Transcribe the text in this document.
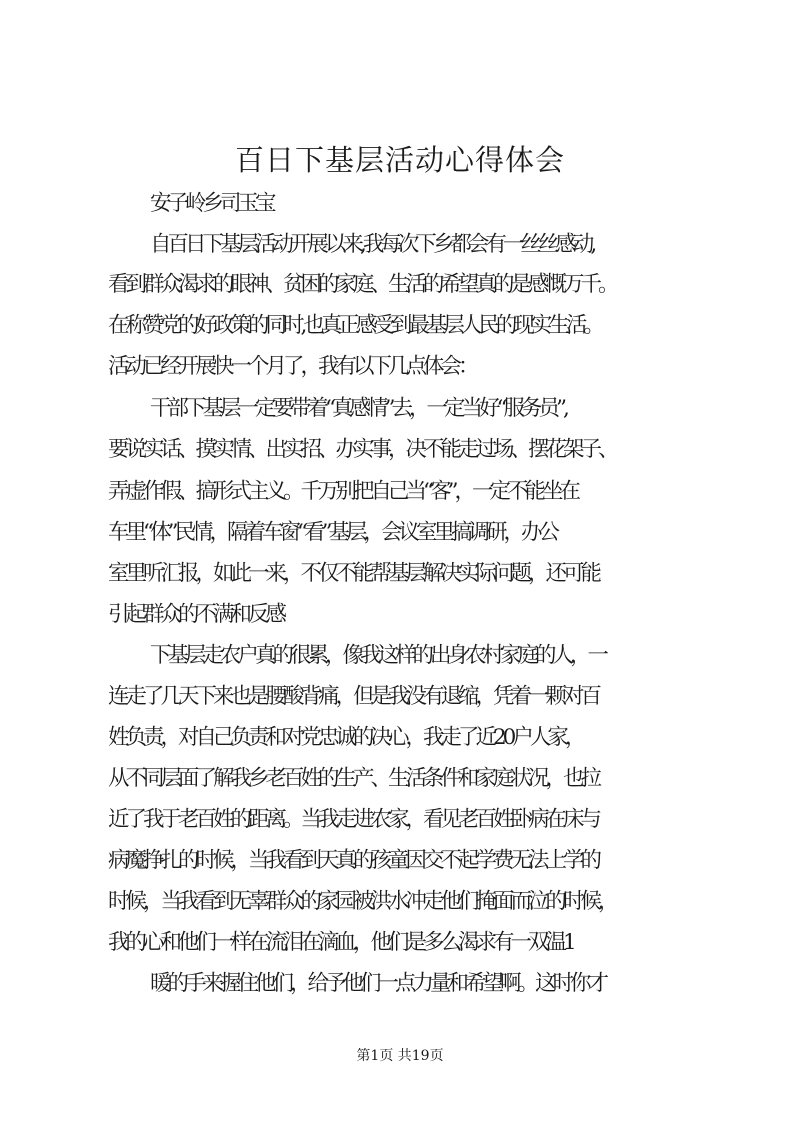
百日下基层活动心得体会
安子岭乡司玉宝
自百日下基层活动开展以来,我每次下乡都会有一丝丝感动,
看到群众渴求的眼神、贫困的家庭、生活的希望真的是感慨万千。
在称赞党的好政策的同时,也真正感受到最基层人民的现实生活。
活动已经开展快一个月了，我有以下几点体会：
干部下基层一定要带着“真感情”去，一定当好“服务员”,
要说实话、摸实情、出实招、办实事，决不能走过场、摆花架子、
弄虚作假、搞形式主义。千万别把自己当“客”，一定不能坐在
车里“体”民情，隔着车窗“看”基层，会议室里搞调研，办公
室里听汇报，如此一来，不仅不能帮基层解决实际问题，还可能
引起群众的不满和反感
下基层走农户真的很累，像我这样的出身农村家庭的人，一
连走了几天下来也是腰酸背痛，但是我没有退缩，凭着一颗对百
姓负责，对自己负责和对党忠诚的决心，我走了近20户人家，
从不同层面了解我乡老百姓的生产、生活条件和家庭状况，也拉
近了我于老百姓的距离。当我走进农家，看见老百姓卧病在床与
病魔挣扎的时候，当我看到天真的孩童因交不起学费无法上学的
时候，当我看到无辜群众的家园被洪水冲走他们掩面而泣的时候，
我的心和他们一样在流泪在滴血，他们是多么渴求有一双温1
暖的手来握住他们，给予他们一点力量和希望啊。这时你才
第1页 共19页
